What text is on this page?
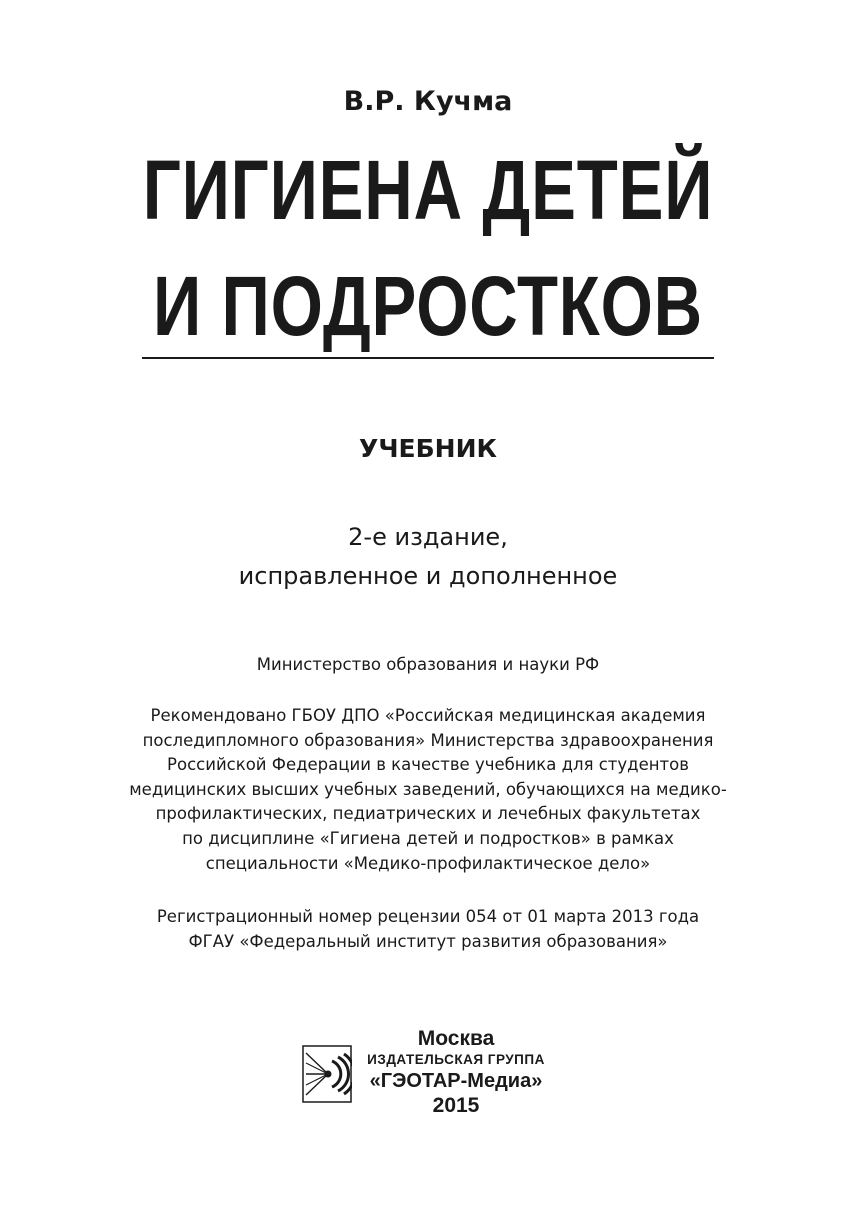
В.Р. Кучма
ГИГИЕНА ДЕТЕЙ
И ПОДРОСТКОВ
УЧЕБНИК
2-е издание,
исправленное и дополненное
Министерство образования и науки РФ
Рекомендовано ГБОУ ДПО «Российская медицинская академия
последипломного образования» Министерства здравоохранения
Российской Федерации в качестве учебника для студентов
медицинских высших учебных заведений, обучающихся на медико-
профилактических, педиатрических и лечебных факультетах
по дисциплине «Гигиена детей и подростков» в рамках
специальности «Медико-профилактическое дело»
Регистрационный номер рецензии 054 от 01 марта 2013 года
ФГАУ «Федеральный институт развития образования»
Москва
ИЗДАТЕЛЬСКАЯ ГРУППА
«ГЭОТАР-Медиа»
2015
